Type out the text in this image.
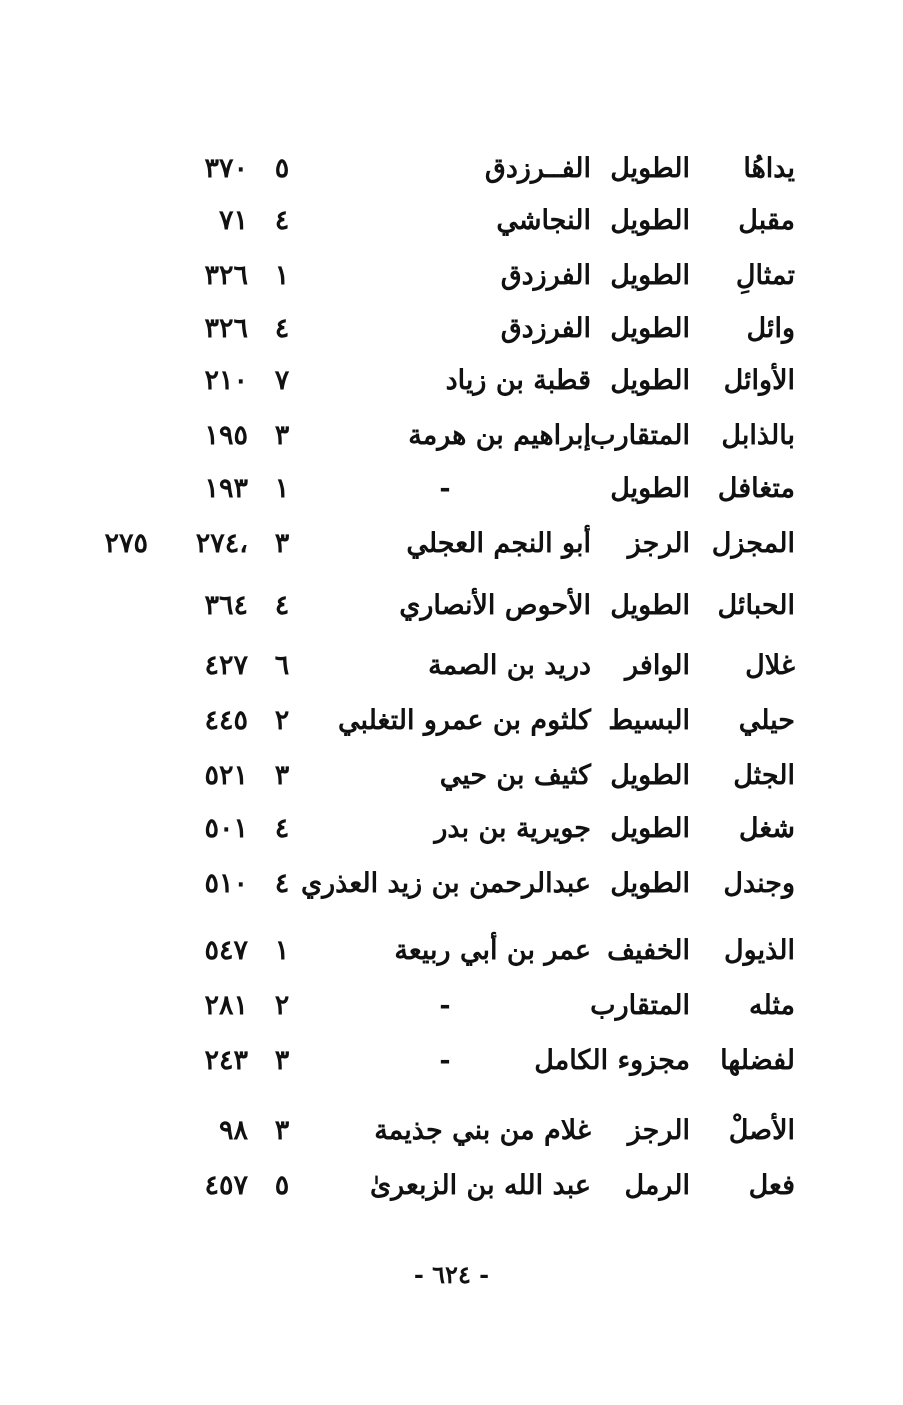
يداهُا
الطويل
الفــرزدق
٥
٣٧٠
مقبل
الطويل
النجاشي
٤
٧١
تمثالِ
الطويل
الفرزدق
١
٣٢٦
وائل
الطويل
الفرزدق
٤
٣٢٦
الأوائل
الطويل
قطبة بن زياد
٧
٢١٠
بالذابل
المتقارب
إبراهيم بن هرمة
٣
١٩٥
متغافل
الطويل
-
١
١٩٣
المجزل
الرجز
أبو النجم العجلي
٣
٢٧٤،
٢٧٥
الحبائل
الطويل
الأحوص الأنصاري
٤
٣٦٤
غلال
الوافر
دريد بن الصمة
٦
٤٢٧
حيلي
البسيط
كلثوم بن عمرو التغلبي
٢
٤٤٥
الجثل
الطويل
كثيف بن حيي
٣
٥٢١
شغل
الطويل
جويرية بن بدر
٤
٥٠١
وجندل
الطويل
عبدالرحمن بن زيد العذري
٤
٥١٠
الذيول
الخفيف
عمر بن أبي ربيعة
١
٥٤٧
مثله
المتقارب
-
٢
٢٨١
لفضلها
مجزوء الكامل
-
٣
٢٤٣
الأصلْ
الرجز
غلام من بني جذيمة
٣
٩٨
فعل
الرمل
عبد الله بن الزبعرىٰ
٥
٤٥٧
- ٦٢٤ -
